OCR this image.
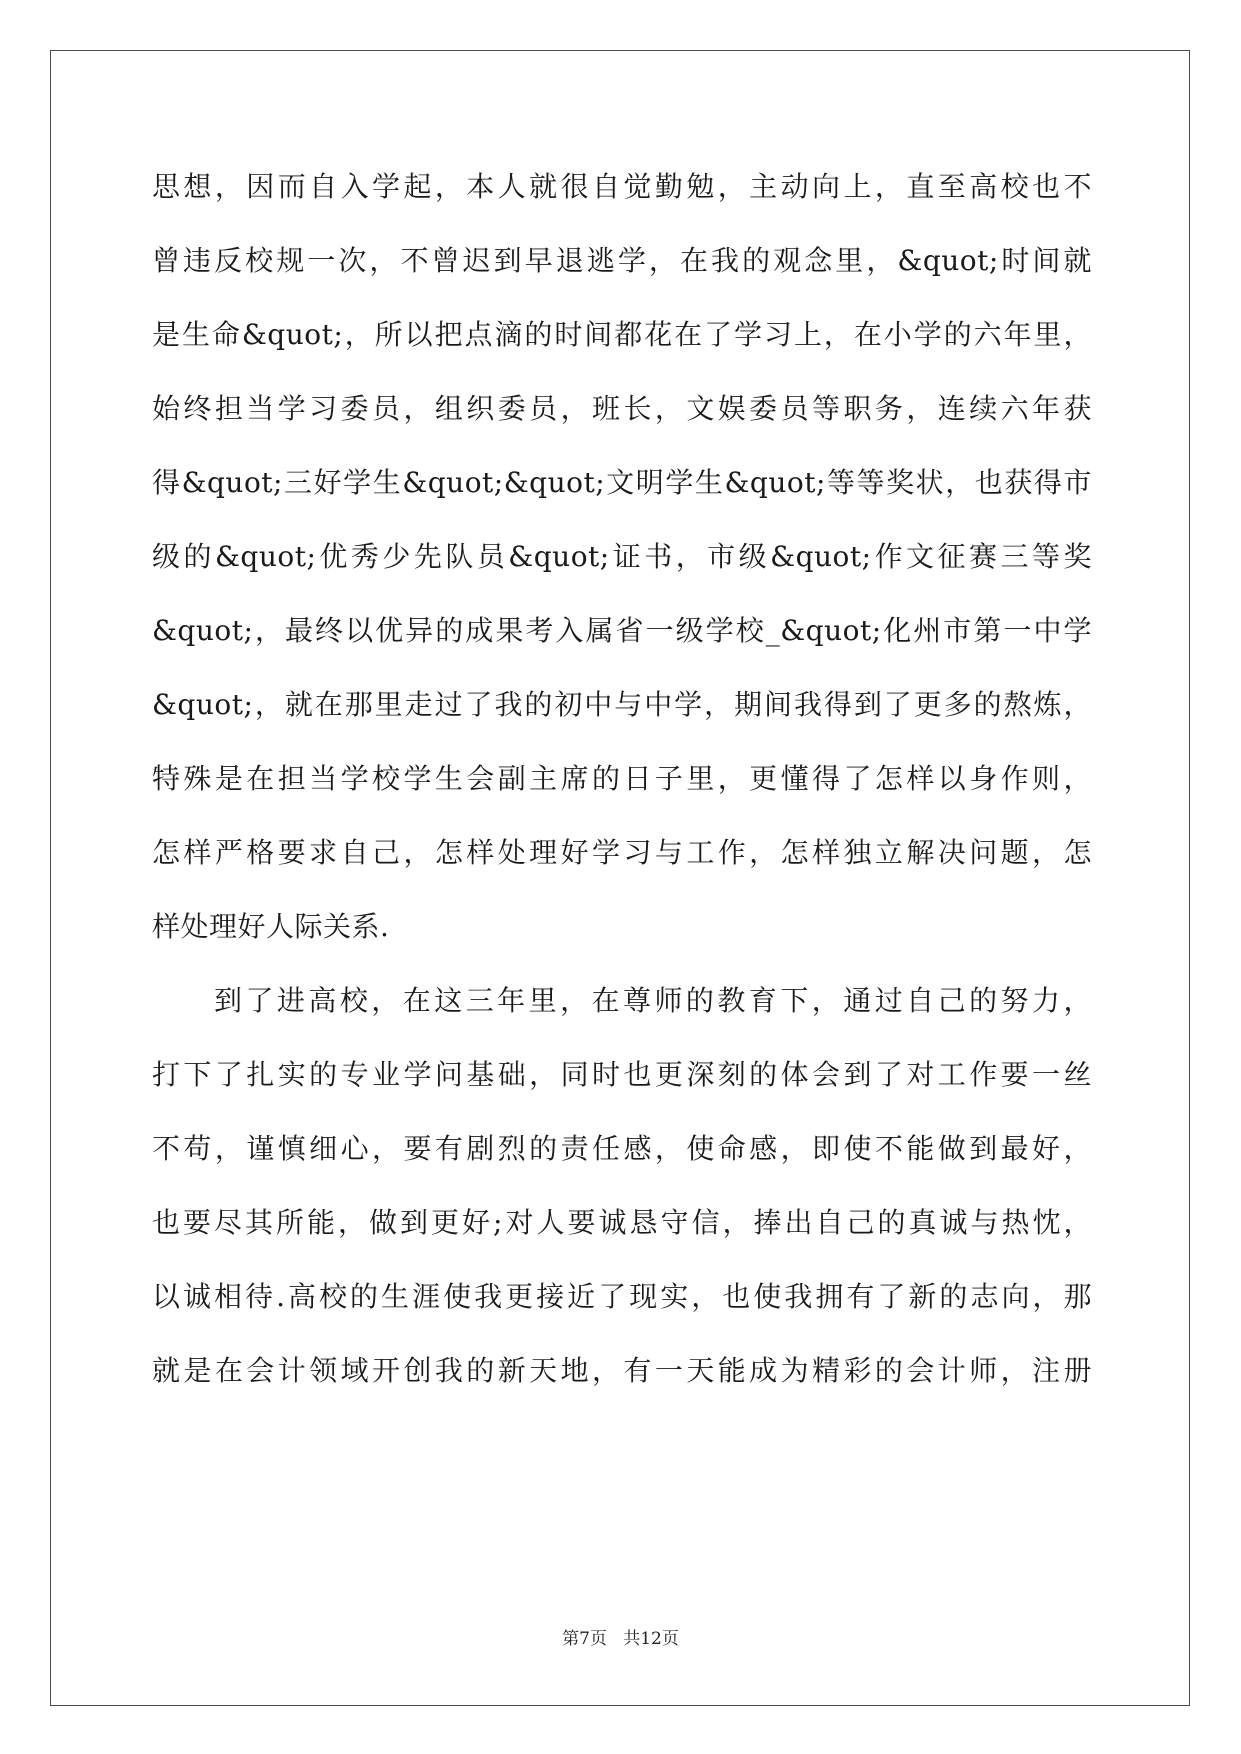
思想，因而自入学起，本人就很自觉勤勉，主动向上，直至高校也不
曾违反校规一次，不曾迟到早退逃学，在我的观念里，&quot;时间就
是生命&quot;，所以把点滴的时间都花在了学习上，在小学的六年里，
始终担当学习委员，组织委员，班长，文娱委员等职务，连续六年获
得&quot;三好学生&quot;&quot;文明学生&quot;等等奖状，也获得市
级的&quot;优秀少先队员&quot;证书，市级&quot;作文征赛三等奖
&quot;，最终以优异的成果考入属省一级学校_&quot;化州市第一中学
&quot;，就在那里走过了我的初中与中学，期间我得到了更多的熬炼，
特殊是在担当学校学生会副主席的日子里，更懂得了怎样以身作则，
怎样严格要求自己，怎样处理好学习与工作，怎样独立解决问题，怎
样处理好人际关系.
到了进高校，在这三年里，在尊师的教育下，通过自己的努力，
打下了扎实的专业学问基础，同时也更深刻的体会到了对工作要一丝
不苟，谨慎细心，要有剧烈的责任感，使命感，即使不能做到最好，
也要尽其所能，做到更好;对人要诚恳守信，捧出自己的真诚与热忱，
以诚相待.高校的生涯使我更接近了现实，也使我拥有了新的志向，那
就是在会计领域开创我的新天地，有一天能成为精彩的会计师，注册
第7页 共12页
